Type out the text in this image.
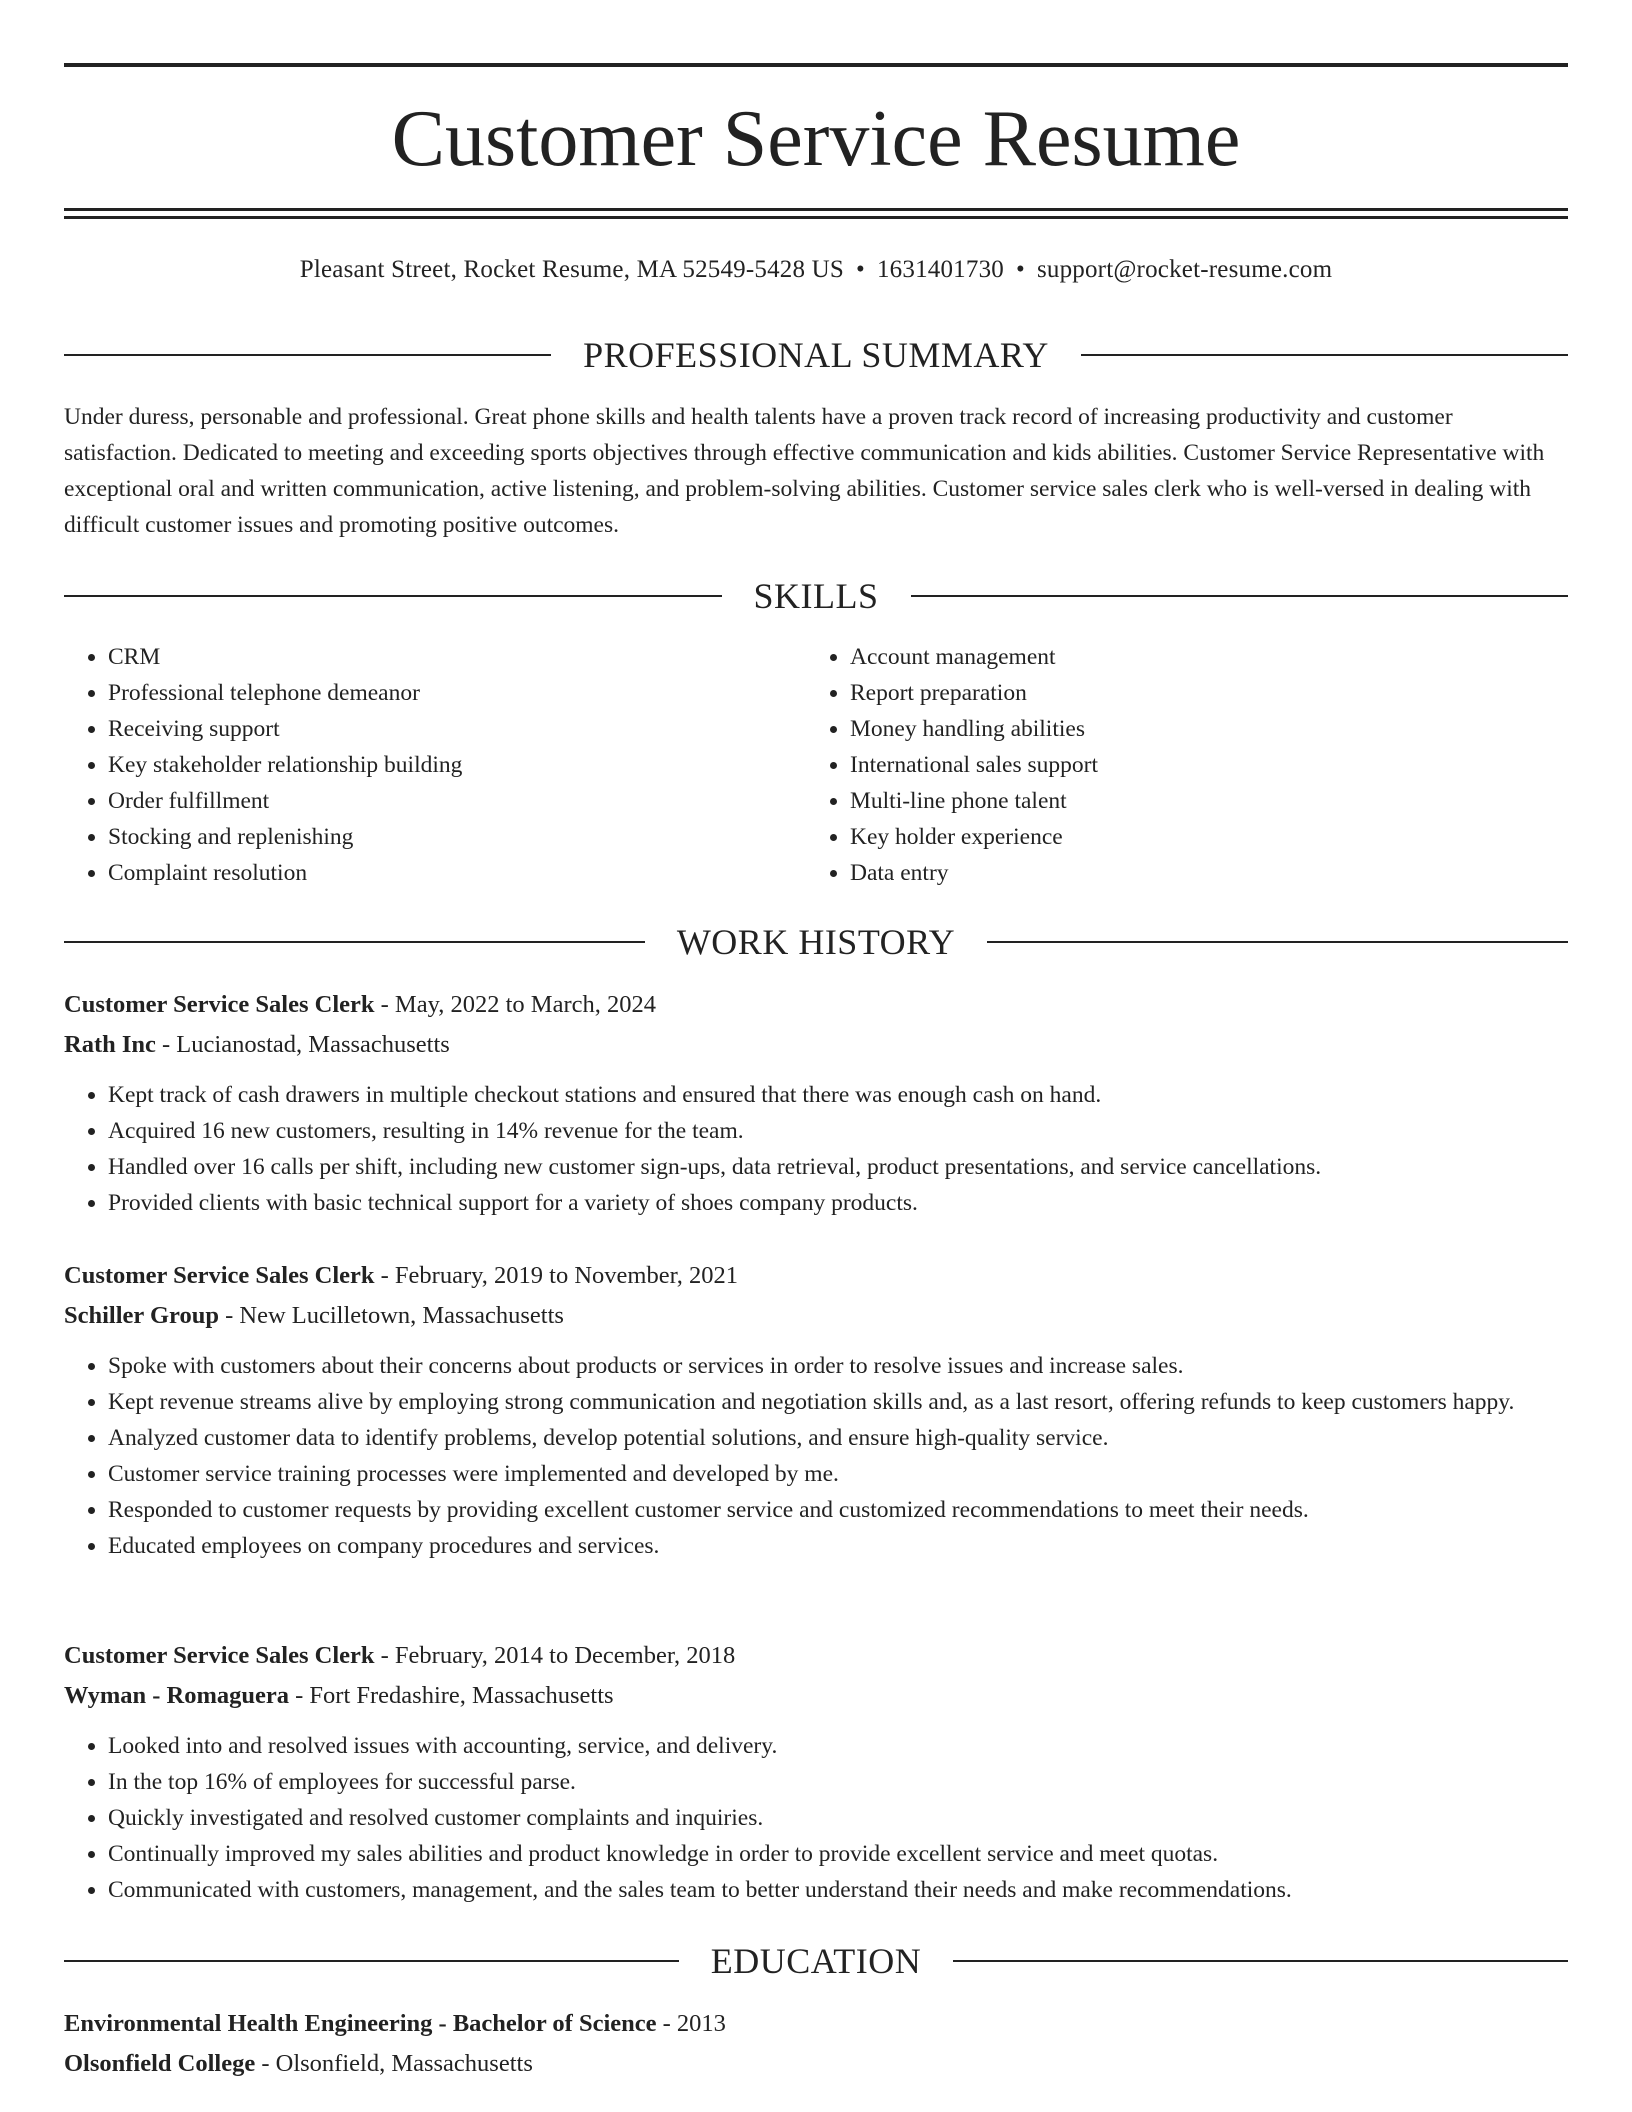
Customer Service Resume
Pleasant Street, Rocket Resume, MA 52549-5428 US • 1631401730 • support@rocket-resume.com
PROFESSIONAL SUMMARY

Under duress, personable and professional. Great phone skills and health talents have a proven track record of increasing productivity and customer satisfaction. Dedicated to meeting and exceeding sports objectives through effective communication and kids abilities. Customer Service Representative with exceptional oral and written communication, active listening, and problem-solving abilities. Customer service sales clerk who is well-versed in dealing with difficult customer issues and promoting positive outcomes.

SKILLS
• CRM
• Professional telephone demeanor
• Receiving support
• Key stakeholder relationship building
• Order fulfillment
• Stocking and replenishing
• Complaint resolution
• Account management
• Report preparation
• Money handling abilities
• International sales support
• Multi-line phone talent
• Key holder experience
• Data entry
WORK HISTORY

Customer Service Sales Clerk - May, 2022 to March, 2024

Rath Inc - Lucianostad, Massachusetts

• Kept track of cash drawers in multiple checkout stations and ensured that there was enough cash on hand.
• Acquired 16 new customers, resulting in 14% revenue for the team.
• Handled over 16 calls per shift, including new customer sign-ups, data retrieval, product presentations, and service cancellations.
• Provided clients with basic technical support for a variety of shoes company products.

Customer Service Sales Clerk - February, 2019 to November, 2021

Schiller Group - New Lucilletown, Massachusetts

• Spoke with customers about their concerns about products or services in order to resolve issues and increase sales.
• Kept revenue streams alive by employing strong communication and negotiation skills and, as a last resort, offering refunds to keep customers happy.
• Analyzed customer data to identify problems, develop potential solutions, and ensure high-quality service.
• Customer service training processes were implemented and developed by me.
• Responded to customer requests by providing excellent customer service and customized recommendations to meet their needs.
• Educated employees on company procedures and services.

Customer Service Sales Clerk - February, 2014 to December, 2018

Wyman - Romaguera - Fort Fredashire, Massachusetts

• Looked into and resolved issues with accounting, service, and delivery.
• In the top 16% of employees for successful parse.
• Quickly investigated and resolved customer complaints and inquiries.
• Continually improved my sales abilities and product knowledge in order to provide excellent service and meet quotas.
• Communicated with customers, management, and the sales team to better understand their needs and make recommendations.
EDUCATION

Environmental Health Engineering - Bachelor of Science - 2013

Olsonfield College - Olsonfield, Massachusetts
